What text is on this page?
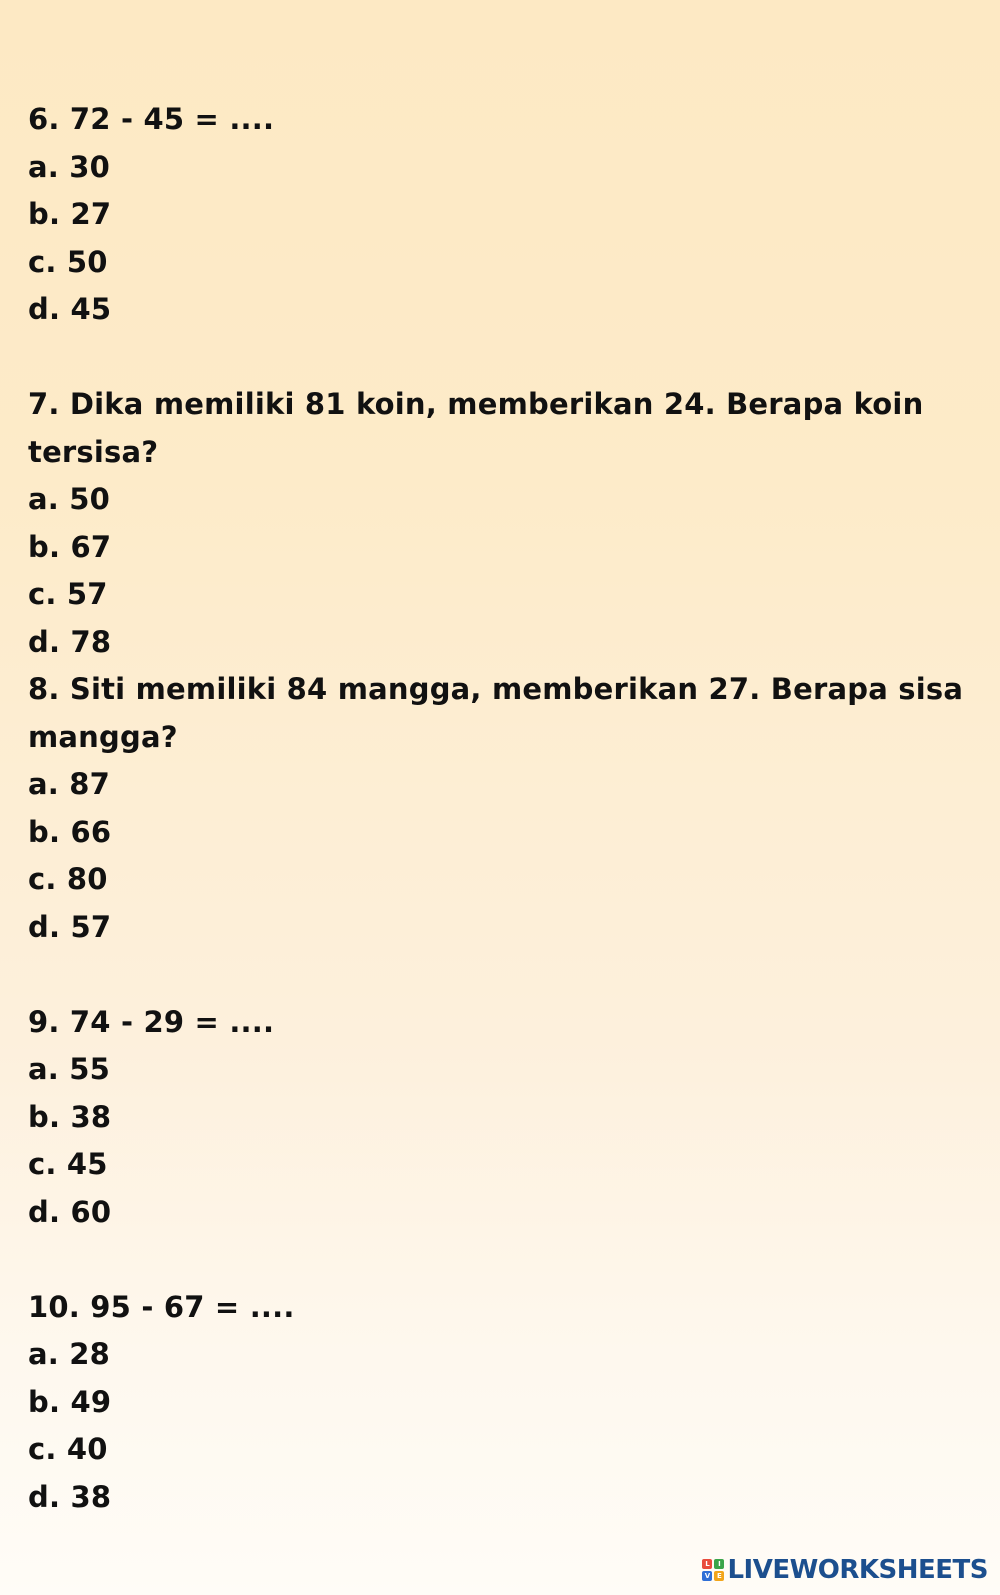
6. 72 - 45 = ....
a. 30
b. 27
c. 50
d. 45
7. Dika memiliki 81 koin, memberikan 24. Berapa koin tersisa?
a. 50
b. 67
c. 57
d. 78
8. Siti memiliki 84 mangga, memberikan 27. Berapa sisa mangga?
a. 87
b. 66
c. 80
d. 57
9. 74 - 29 = ....
a. 55
b. 38
c. 45
d. 60
10. 95 - 67 = ....
a. 28
b. 49
c. 40
d. 38
L	I
V E LIVEWORKSHEETS
